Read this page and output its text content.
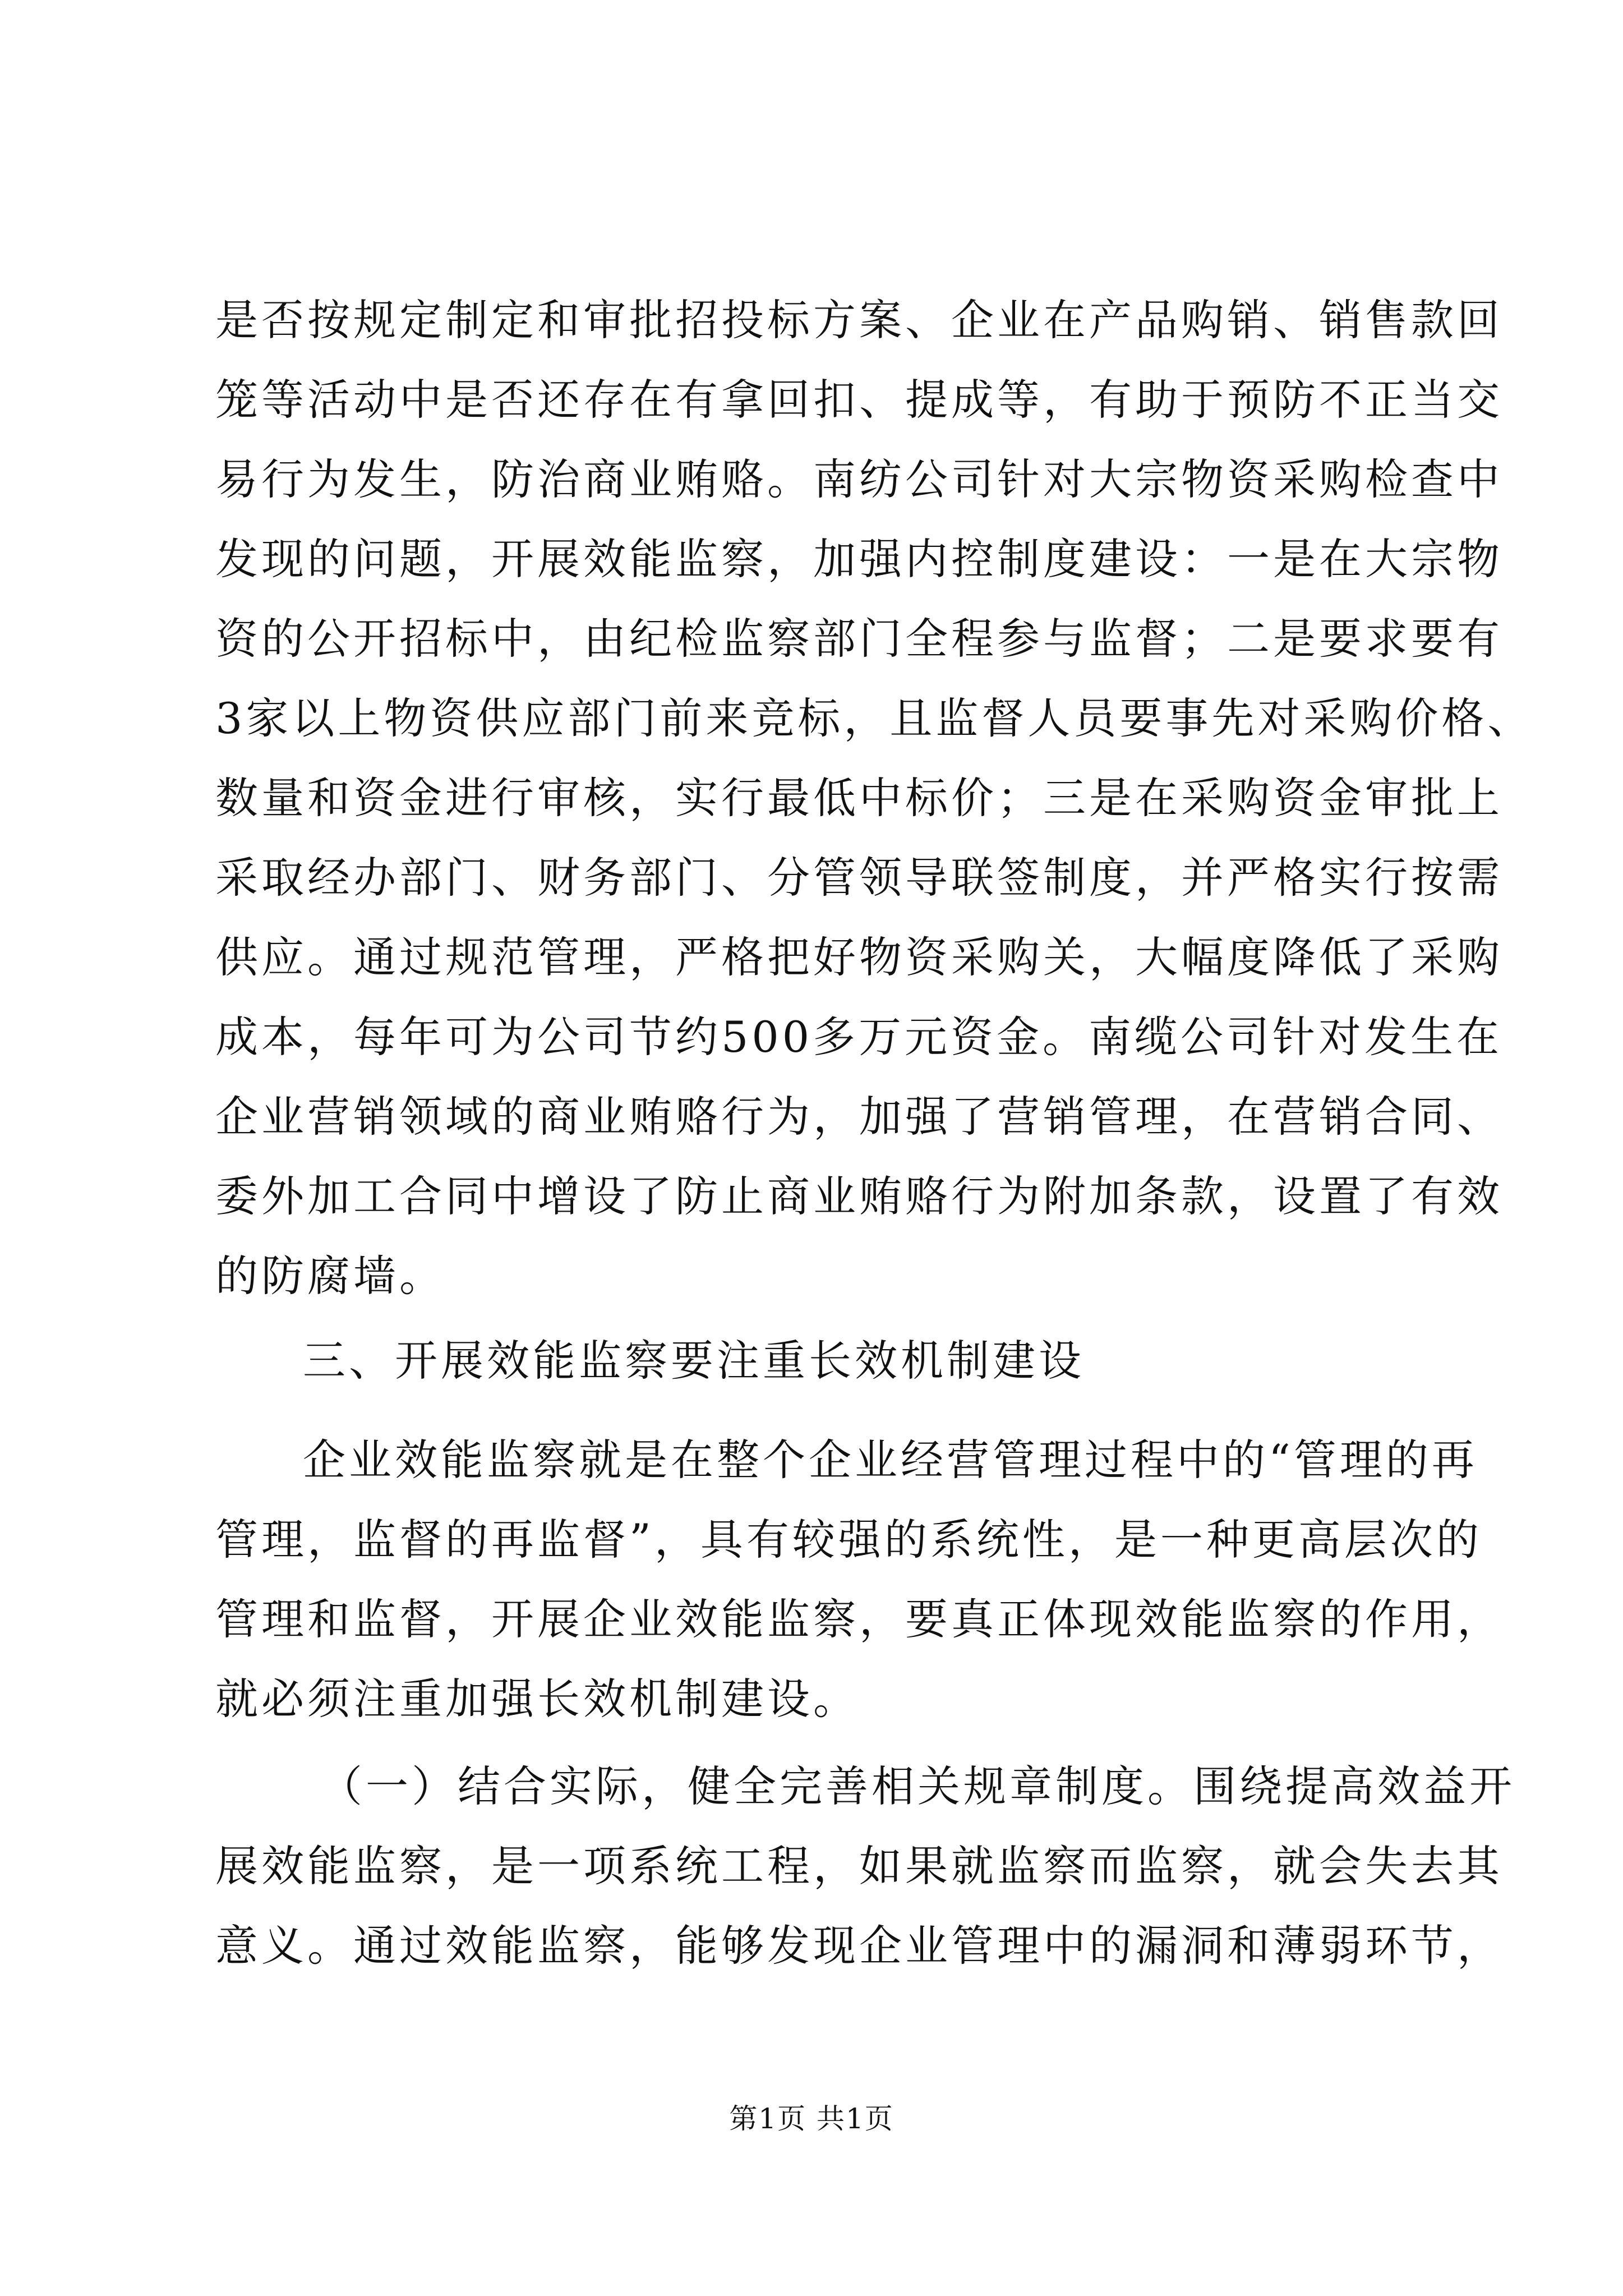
是否按规定制定和审批招投标方案、企业在产品购销、销售款回
笼等活动中是否还存在有拿回扣、提成等，有助于预防不正当交
易行为发生，防治商业贿赂。南纺公司针对大宗物资采购检查中
发现的问题，开展效能监察，加强内控制度建设：一是在大宗物
资的公开招标中，由纪检监察部门全程参与监督；二是要求要有
3家以上物资供应部门前来竞标，且监督人员要事先对采购价格、
数量和资金进行审核，实行最低中标价；三是在采购资金审批上
采取经办部门、财务部门、分管领导联签制度，并严格实行按需
供应。通过规范管理，严格把好物资采购关，大幅度降低了采购
成本，每年可为公司节约500多万元资金。南缆公司针对发生在
企业营销领域的商业贿赂行为，加强了营销管理，在营销合同、
委外加工合同中增设了防止商业贿赂行为附加条款，设置了有效
的防腐墙。
三、开展效能监察要注重长效机制建设
企业效能监察就是在整个企业经营管理过程中的“管理的再
管理，监督的再监督”，具有较强的系统性，是一种更高层次的
管理和监督，开展企业效能监察，要真正体现效能监察的作用，
就必须注重加强长效机制建设。
（一）结合实际，健全完善相关规章制度。围绕提高效益开
展效能监察，是一项系统工程，如果就监察而监察，就会失去其
意义。通过效能监察，能够发现企业管理中的漏洞和薄弱环节，
第1页 共1页
